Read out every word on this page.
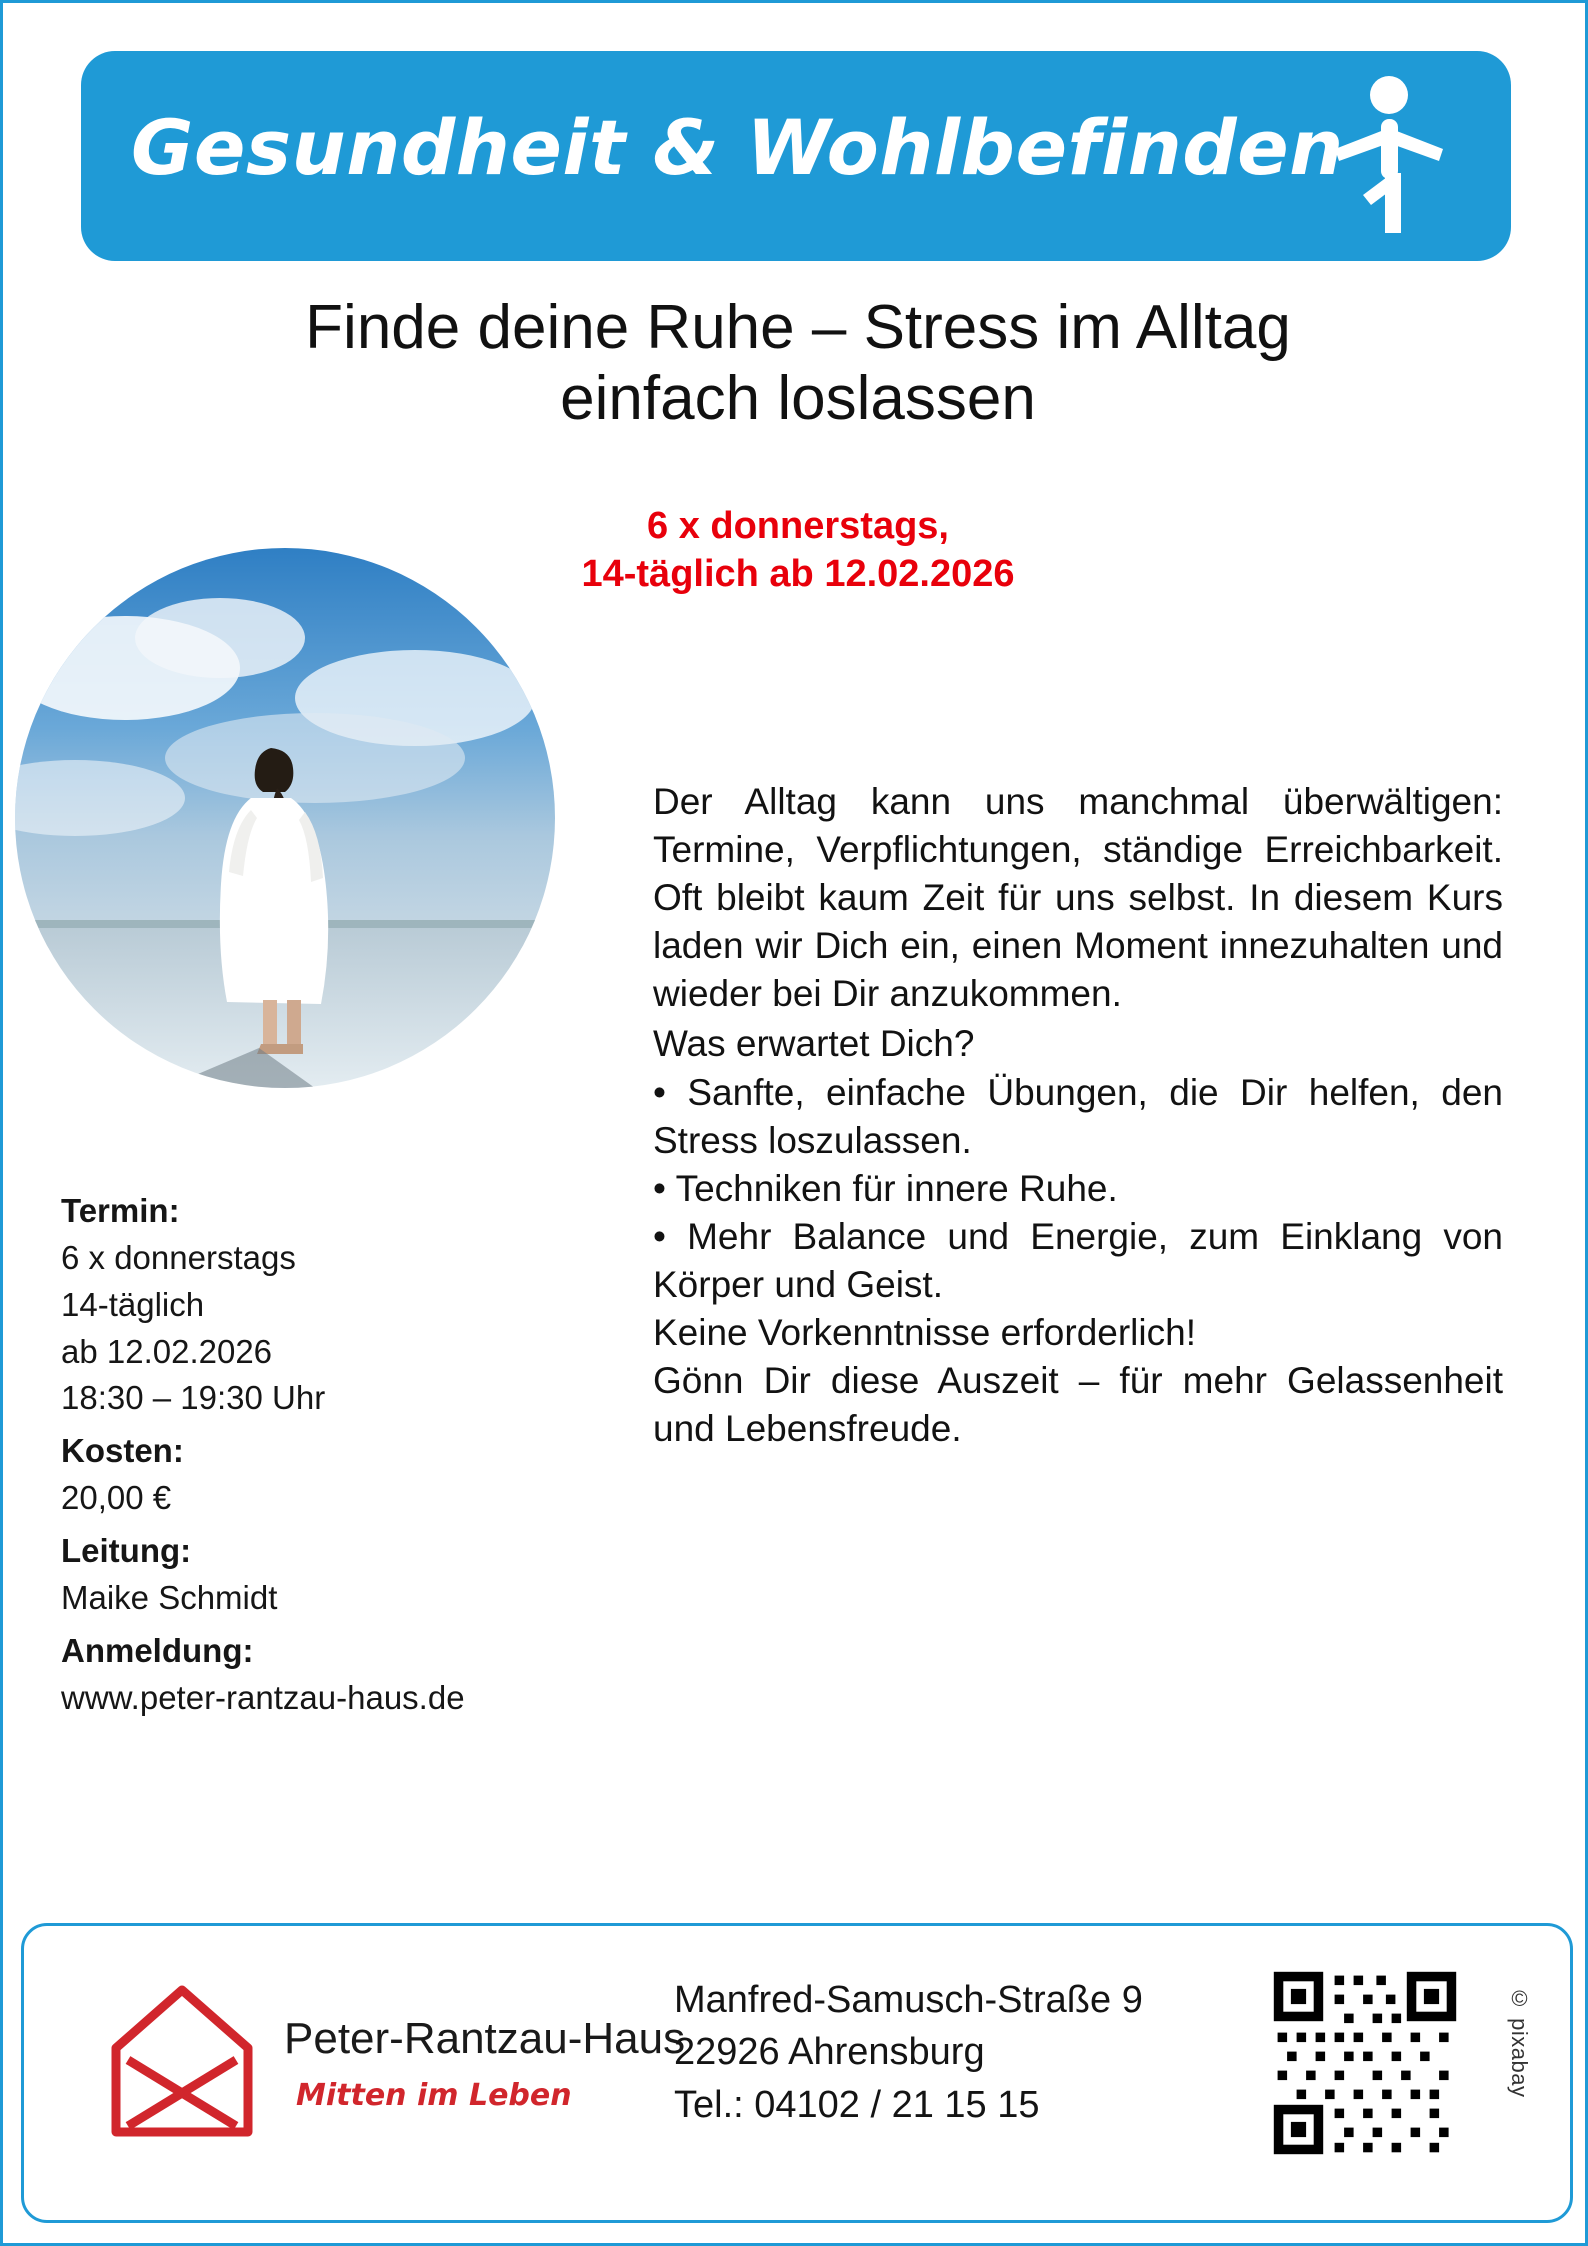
Gesundheit & Wohlbefinden
Finde deine Ruhe – Stress im Alltag
einfach loslassen
6 x donnerstags,
14-täglich ab 12.02.2026
Termin:
6 x donnerstags
14-täglich
ab 12.02.2026
18:30 – 19:30 Uhr
Kosten:
20,00 €
Leitung:
Maike Schmidt
Anmeldung:
www.peter-rantzau-haus.de

Der Alltag kann uns manchmal überwältigen: Termine, Verpflichtungen, ständige Erreichbarkeit. Oft bleibt kaum Zeit für uns selbst. In diesem Kurs laden wir Dich ein, einen Moment innezuhalten und wieder bei Dir anzukommen.

Was erwartet Dich?

• Sanfte, einfache Übungen, die Dir helfen, den Stress loszulassen.

• Techniken für innere Ruhe.

• Mehr Balance und Energie, zum Einklang von Körper und Geist.

Keine Vorkenntnisse erforderlich!

Gönn Dir diese Auszeit – für mehr Gelassenheit und Lebensfreude.

Peter-Rantzau-Haus
Mitten im Leben
Manfred-Samusch-Straße 9
22926 Ahrensburg
Tel.: 04102 / 21 15 15
© pixabay
